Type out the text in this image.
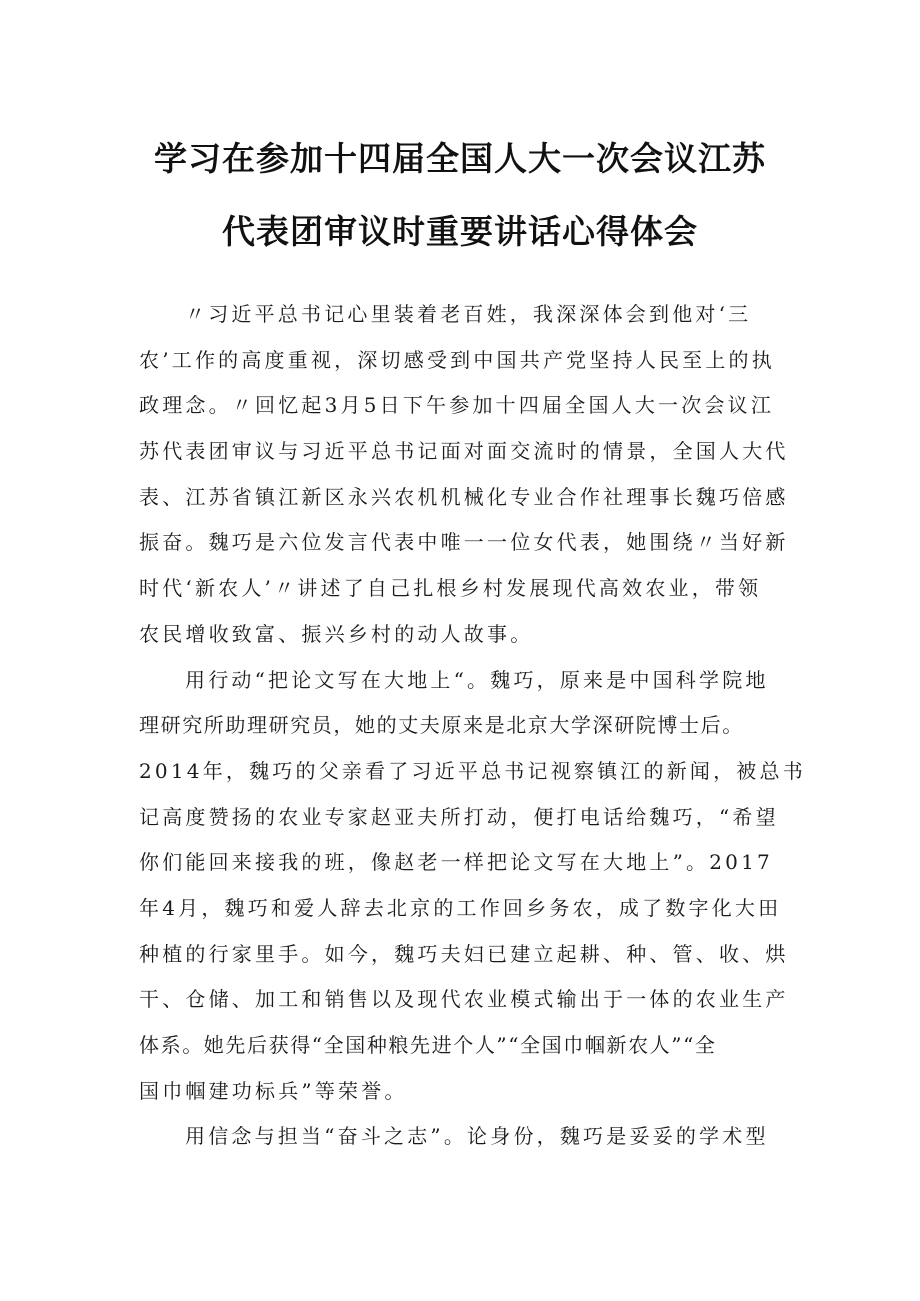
学习在参加十四届全国人大一次会议江苏
代表团审议时重要讲话心得体会
〃习近平总书记心里装着老百姓，我深深体会到他对‘三
农’工作的高度重视，深切感受到中国共产党坚持人民至上的执
政理念。〃回忆起3月5日下午参加十四届全国人大一次会议江
苏代表团审议与习近平总书记面对面交流时的情景，全国人大代
表、江苏省镇江新区永兴农机机械化专业合作社理事长魏巧倍感
振奋。魏巧是六位发言代表中唯一一位女代表，她围绕〃当好新
时代‘新农人’〃讲述了自己扎根乡村发展现代高效农业，带领
农民增收致富、振兴乡村的动人故事。
用行动“把论文写在大地上“。魏巧，原来是中国科学院地
理研究所助理研究员，她的丈夫原来是北京大学深研院博士后。
2014年，魏巧的父亲看了习近平总书记视察镇江的新闻，被总书
记高度赞扬的农业专家赵亚夫所打动，便打电话给魏巧，“希望
你们能回来接我的班，像赵老一样把论文写在大地上”。2017
年4月，魏巧和爱人辞去北京的工作回乡务农，成了数字化大田
种植的行家里手。如今，魏巧夫妇已建立起耕、种、管、收、烘
干、仓储、加工和销售以及现代农业模式输出于一体的农业生产
体系。她先后获得“全国种粮先进个人”“全国巾帼新农人”“全
国巾帼建功标兵”等荣誉。
用信念与担当“奋斗之志”。论身份，魏巧是妥妥的学术型
